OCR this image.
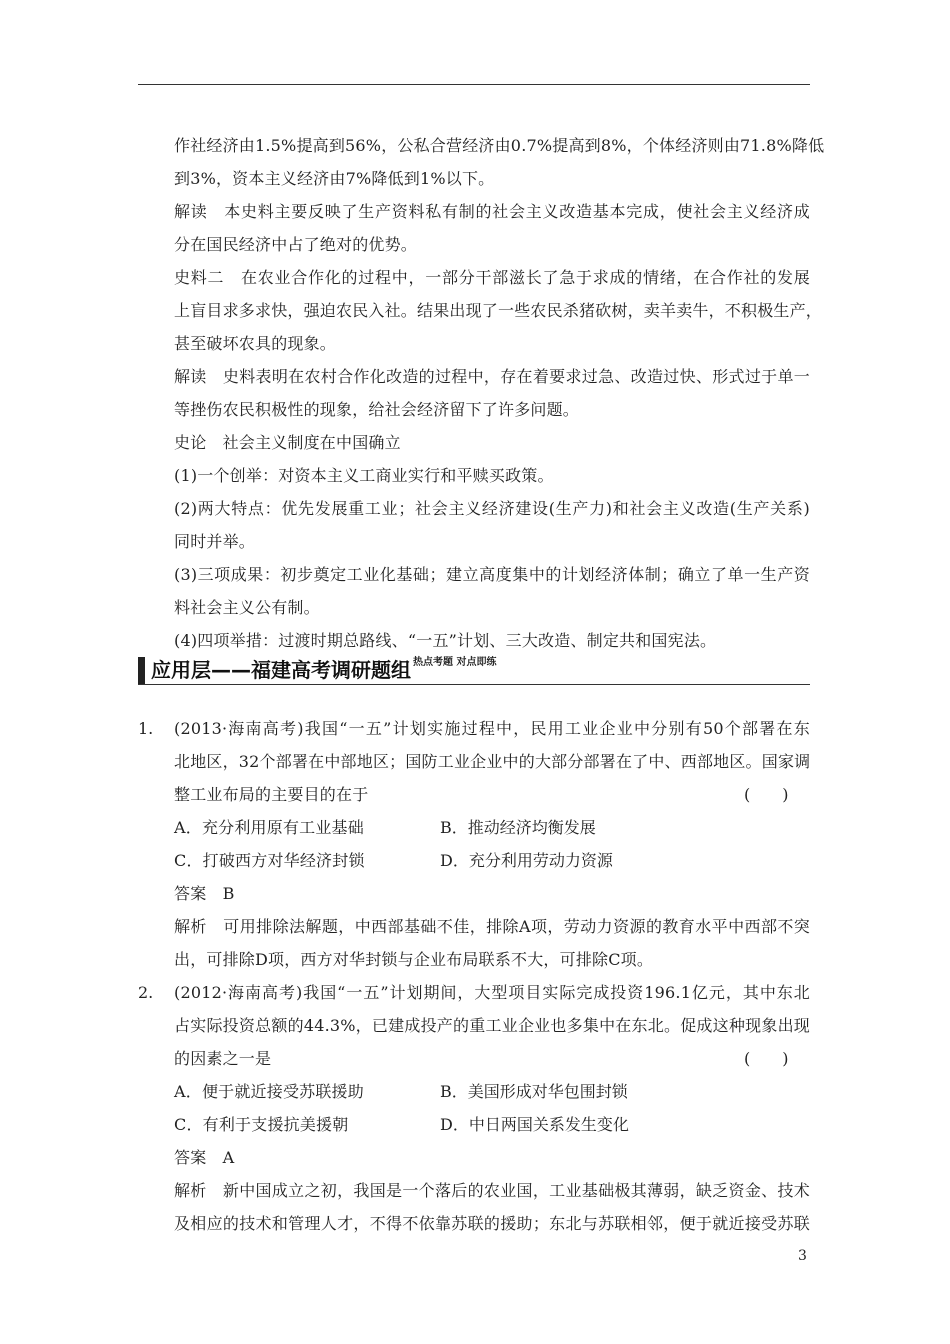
作社经济由1.5%提高到56%，公私合营经济由0.7%提高到8%，个体经济则由71.8%降低
到3%，资本主义经济由7%降低到1%以下。
解读　本史料主要反映了生产资料私有制的社会主义改造基本完成，使社会主义经济成
分在国民经济中占了绝对的优势。
史料二　在农业合作化的过程中，一部分干部滋长了急于求成的情绪，在合作社的发展
上盲目求多求快，强迫农民入社。结果出现了一些农民杀猪砍树，卖羊卖牛，不积极生产，
甚至破坏农具的现象。
解读　史料表明在农村合作化改造的过程中，存在着要求过急、改造过快、形式过于单一
等挫伤农民积极性的现象，给社会经济留下了许多问题。
史论　社会主义制度在中国确立
(1)一个创举：对资本主义工商业实行和平赎买政策。
(2)两大特点：优先发展重工业；社会主义经济建设(生产力)和社会主义改造(生产关系)
同时并举。
(3)三项成果：初步奠定工业化基础；建立高度集中的计划经济体制；确立了单一生产资
料社会主义公有制。
(4)四项举措：过渡时期总路线、“一五”计划、三大改造、制定共和国宪法。
应用层——福建高考调研题组 热点考题 对点即练
1. (2013·海南高考)我国“一五”计划实施过程中，民用工业企业中分别有50个部署在东
北地区，32个部署在中部地区；国防工业企业中的大部分部署在了中、西部地区。国家调
整工业布局的主要目的在于	(　　)
A．充分利用原有工业基础	B．推动经济均衡发展
C．打破西方对华经济封锁	D．充分利用劳动力资源
答案　B
解析　可用排除法解题，中西部基础不佳，排除A项，劳动力资源的教育水平中西部不突
出，可排除D项，西方对华封锁与企业布局联系不大，可排除C项。
2. (2012·海南高考)我国“一五”计划期间，大型项目实际完成投资196.1亿元，其中东北
占实际投资总额的44.3%，已建成投产的重工业企业也多集中在东北。促成这种现象出现
的因素之一是	(　　)
A．便于就近接受苏联援助	B．美国形成对华包围封锁
C．有利于支援抗美援朝	D．中日两国关系发生变化
答案　A
解析　新中国成立之初，我国是一个落后的农业国，工业基础极其薄弱，缺乏资金、技术
及相应的技术和管理人才，不得不依靠苏联的援助；东北与苏联相邻，便于就近接受苏联
3
